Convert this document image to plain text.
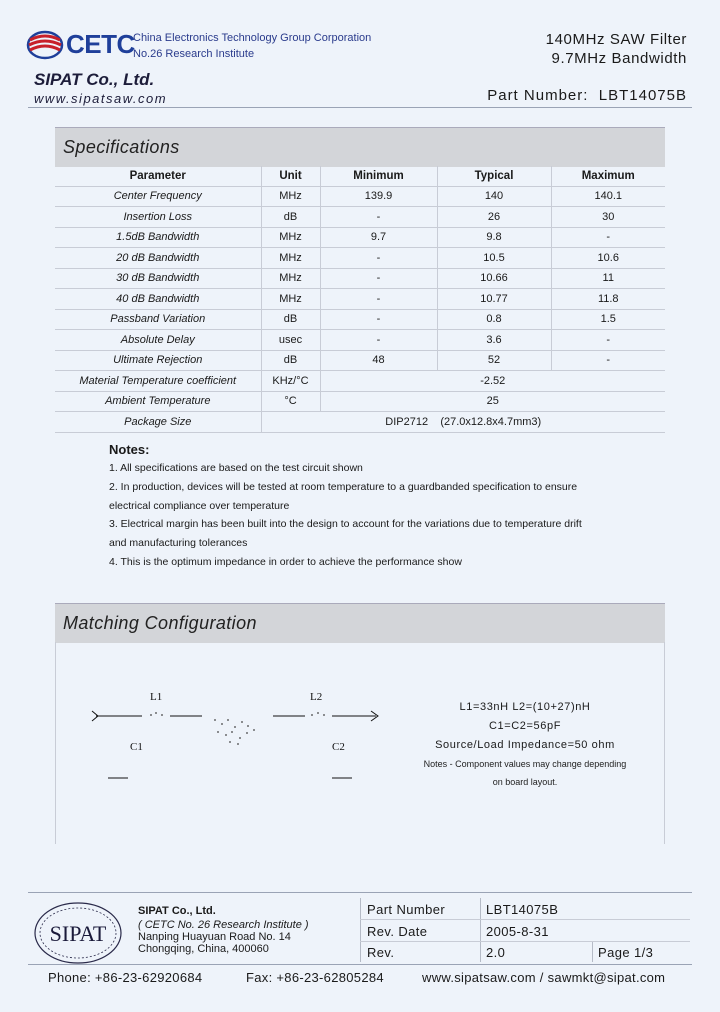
CETC
China Electronics Technology Group Corporation
No.26 Research Institute
SIPAT Co., Ltd.
www.sipatsaw.com
140MHz SAW Filter
9.7MHz Bandwidth
Part Number: LBT14075B
Specifications
Parameter	Unit	Minimum	Typical	Maximum
Center Frequency	MHz	139.9	140	140.1
Insertion Loss	dB	-	26	30
1.5dB Bandwidth	MHz	9.7	9.8	-
20 dB Bandwidth	MHz	-	10.5	10.6
30 dB Bandwidth	MHz	-	10.66	11
40 dB Bandwidth	MHz	-	10.77	11.8
Passband Variation	dB	-	0.8	1.5
Absolute Delay	usec	-	3.6	-
Ultimate Rejection	dB	48	52	-
Material Temperature coefficient	KHz/°C	-2.52		
Ambient Temperature	°C	25		
Package Size	DIP2712    (27.0x12.8x4.7mm3)			
Notes:
1. All specifications are based on the test circuit shown
2. In production, devices will be tested at room temperature to a guardbanded specification to ensure
electrical compliance over temperature
3. Electrical margin has been built into the design to account for the variations due to temperature drift
and manufacturing tolerances
4. This is the optimum impedance in order to achieve the performance show
Matching Configuration
L1	L2
C1	C2
L1=33nH L2=(10+27)nH
C1=C2=56pF
Source/Load Impedance=50 ohm
Notes - Component values may change depending
on board layout.
SIPAT
SIPAT Co., Ltd.
( CETC No. 26 Research Institute )
Nanping Huayuan Road No. 14
Chongqing, China, 400060
Part Number	LBT14075B
Rev. Date	2005-8-31
Rev.	2.0	Page 1/3
Phone: +86-23-62920684	Fax: +86-23-62805284	www.sipatsaw.com / sawmkt@sipat.com
